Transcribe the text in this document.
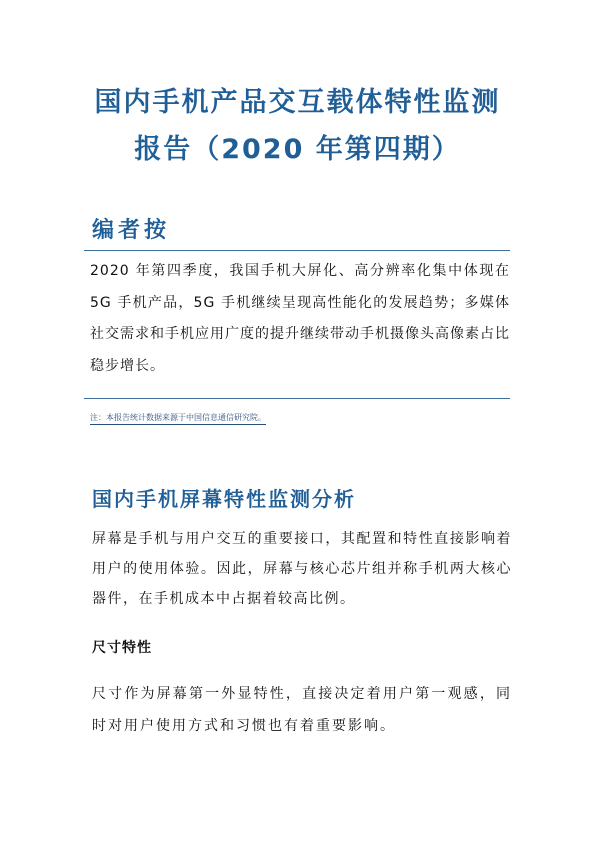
国内手机产品交互载体特性监测
报告（2020 年第四期）
编者按

2020 年第四季度，我国手机大屏化、高分辨率化集中体现在 5G 手机产品，5G 手机继续呈现高性能化的发展趋势；多媒体社交需求和手机应用广度的提升继续带动手机摄像头高像素占比稳步增长。

注：本报告统计数据来源于中国信息通信研究院。

国内手机屏幕特性监测分析

屏幕是手机与用户交互的重要接口，其配置和特性直接影响着用户的使用体验。因此，屏幕与核心芯片组并称手机两大核心器件，在手机成本中占据着较高比例。

尺寸特性

尺寸作为屏幕第一外显特性，直接决定着用户第一观感，同时对用户使用方式和习惯也有着重要影响。
